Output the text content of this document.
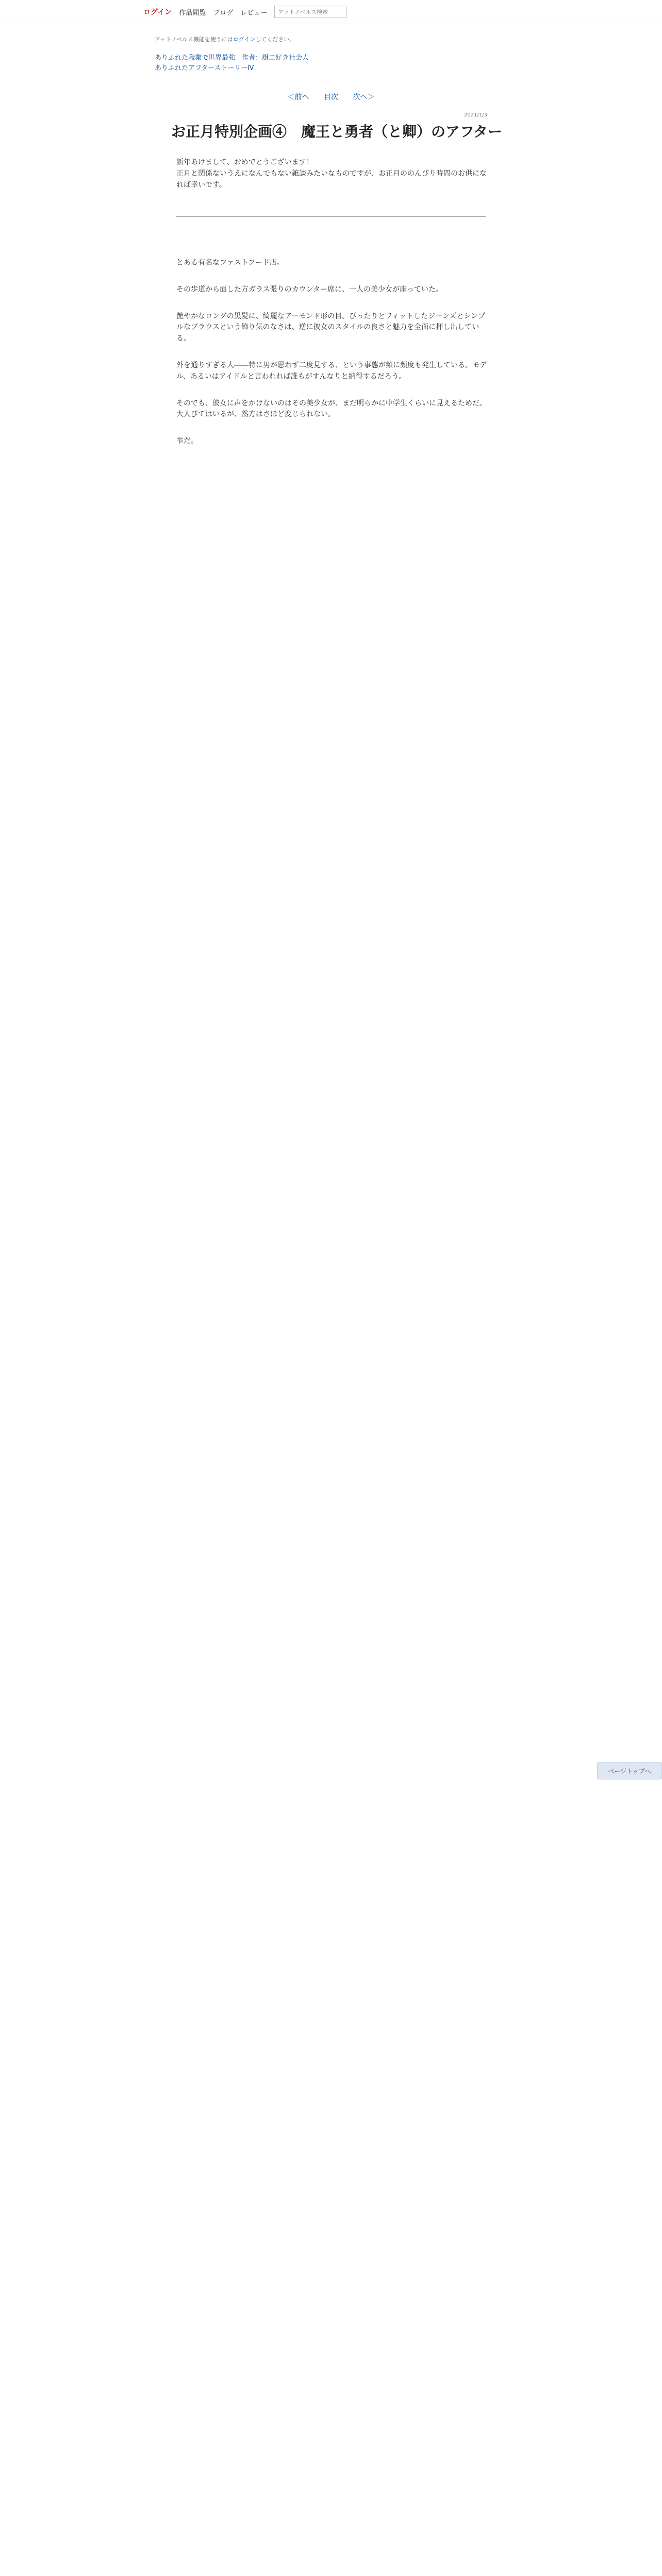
ログイン 作品閲覧 ブログ レビュー
アットノベルス検索
アットノベルス機能を使うにはログインしてください。
ありふれた職業で世界最強　作者：厨二好き社会人
ありふれたアフターストーリーⅣ
＜前へ 目次 次へ＞
2021/1/3
お正月特別企画④　魔王と勇者（と卿）のアフター
新年あけまして、おめでとうございます！
正月と関係ないうえになんでもない雑談みたいなものですが、お正月ののんびり時間のお供になれば幸いです。

とある有名なファストフード店。

その歩道から面した方ガラス張りのカウンター席に、一人の美少女が座っていた。

艶やかなロングの黒髪に、綺麗なアーモンド形の目。ぴったりとフィットしたジーンズとシンプルなブラウスという飾り気のなさは、逆に彼女のスタイルの良さと魅力を全面に押し出している。

外を通りすぎる人――特に男が思わず二度見する、という事態が頻に頻度も発生している。モデル、あるいはアイドルと言われれば誰もがすんなりと納得するだろう。

そのでも、彼女に声をかけないのはその美少女が、まだ明らかに中学生くらいに見えるためだ。大人びてはいるが、然方はさほど変じられない。

雫だ。

ページトップへ
